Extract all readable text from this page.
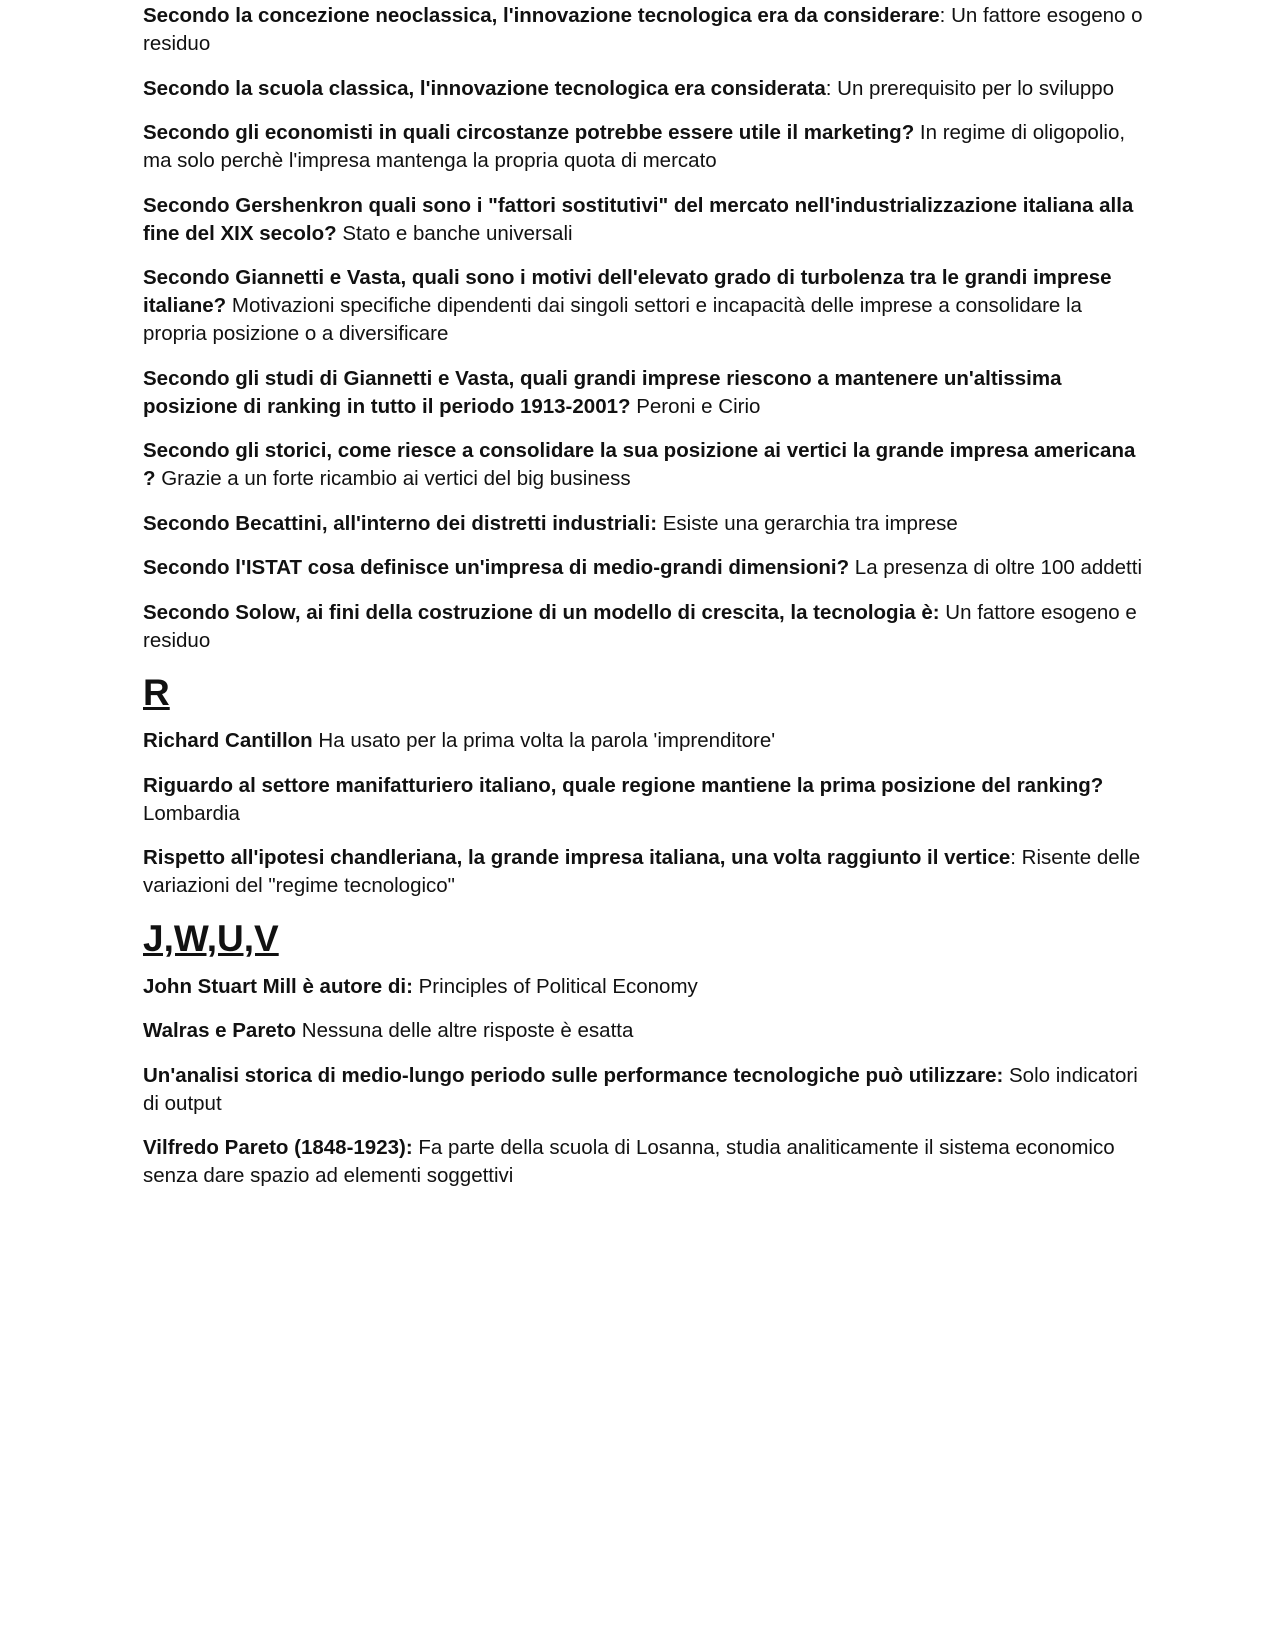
Secondo la concezione neoclassica, l'innovazione tecnologica era da considerare: Un fattore esogeno o residuo

Secondo la scuola classica, l'innovazione tecnologica era considerata: Un prerequisito per lo sviluppo

Secondo gli economisti in quali circostanze potrebbe essere utile il marketing? In regime di oligopolio, ma solo perchè l'impresa mantenga la propria quota di mercato

Secondo Gershenkron quali sono i "fattori sostitutivi" del mercato nell'industrializzazione italiana alla fine del XIX secolo? Stato e banche universali

Secondo Giannetti e Vasta, quali sono i motivi dell'elevato grado di turbolenza tra le grandi imprese italiane? Motivazioni specifiche dipendenti dai singoli settori e incapacità delle imprese a consolidare la propria posizione o a diversificare

Secondo gli studi di Giannetti e Vasta, quali grandi imprese riescono a mantenere un'altissima posizione di ranking in tutto il periodo 1913-2001? Peroni e Cirio

Secondo gli storici, come riesce a consolidare la sua posizione ai vertici la grande impresa americana ? Grazie a un forte ricambio ai vertici del big business

Secondo Becattini, all'interno dei distretti industriali: Esiste una gerarchia tra imprese

Secondo l'ISTAT cosa definisce un'impresa di medio-grandi dimensioni? La presenza di oltre 100 addetti

Secondo Solow, ai fini della costruzione di un modello di crescita, la tecnologia è: Un fattore esogeno e residuo

R

Richard Cantillon Ha usato per la prima volta la parola 'imprenditore'

Riguardo al settore manifatturiero italiano, quale regione mantiene la prima posizione del ranking? Lombardia

Rispetto all'ipotesi chandleriana, la grande impresa italiana, una volta raggiunto il vertice: Risente delle variazioni del "regime tecnologico"

J,W,U,V

John Stuart Mill è autore di: Principles of Political Economy

Walras e Pareto Nessuna delle altre risposte è esatta

Un'analisi storica di medio-lungo periodo sulle performance tecnologiche può utilizzare: Solo indicatori di output

Vilfredo Pareto (1848-1923): Fa parte della scuola di Losanna, studia analiticamente il sistema economico senza dare spazio ad elementi soggettivi
